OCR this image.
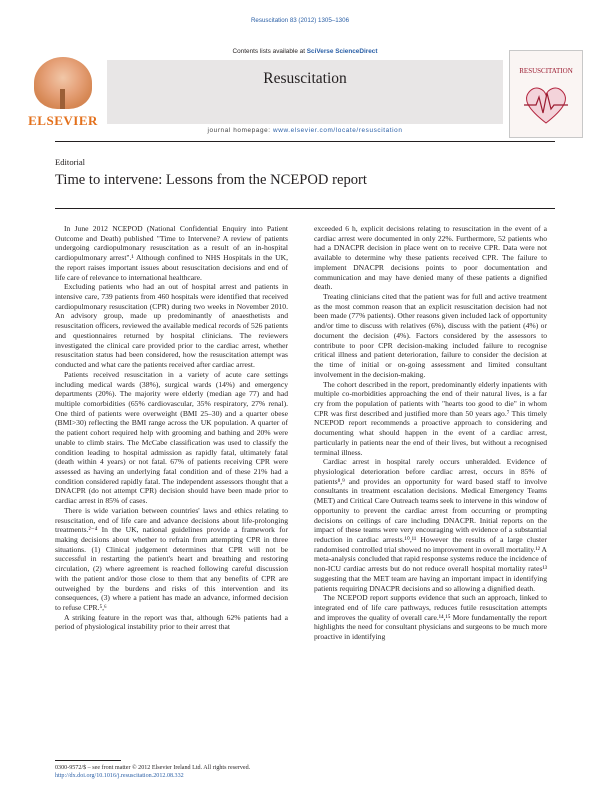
Resuscitation 83 (2012) 1305–1306
ELSEVIER
Contents lists available at SciVerse ScienceDirect
Resuscitation
journal homepage: www.elsevier.com/locate/resuscitation
RESUSCITATION
Editorial
Time to intervene: Lessons from the NCEPOD report

In June 2012 NCEPOD (National Confidential Enquiry into Patient Outcome and Death) published "Time to Intervene? A review of patients undergoing cardiopulmonary resuscitation as a result of an in-hospital cardiopulmonary arrest".¹ Although confined to NHS Hospitals in the UK, the report raises important issues about resuscitation decisions and end of life care of relevance to international healthcare.

Excluding patients who had an out of hospital arrest and patients in intensive care, 739 patients from 460 hospitals were identified that received cardiopulmonary resuscitation (CPR) during two weeks in November 2010. An advisory group, made up predominantly of anaesthetists and resuscitation officers, reviewed the available medical records of 526 patients and questionnaires returned by hospital clinicians. The reviewers investigated the clinical care provided prior to the cardiac arrest, whether resuscitation status had been considered, how the resuscitation attempt was conducted and what care the patients received after cardiac arrest.

Patients received resuscitation in a variety of acute care settings including medical wards (38%), surgical wards (14%) and emergency departments (20%). The majority were elderly (median age 77) and had multiple comorbidities (65% cardiovascular, 35% respiratory, 27% renal). One third of patients were overweight (BMI 25–30) and a quarter obese (BMI>30) reflecting the BMI range across the UK population. A quarter of the patient cohort required help with grooming and bathing and 20% were unable to climb stairs. The McCabe classification was used to classify the condition leading to hospital admission as rapidly fatal, ultimately fatal (death within 4 years) or not fatal. 67% of patients receiving CPR were assessed as having an underlying fatal condition and of these 21% had a condition considered rapidly fatal. The independent assessors thought that a DNACPR (do not attempt CPR) decision should have been made prior to cardiac arrest in 85% of cases.

There is wide variation between countries' laws and ethics relating to resuscitation, end of life care and advance decisions about life-prolonging treatments.²⁻⁴ In the UK, national guidelines provide a framework for making decisions about whether to refrain from attempting CPR in three situations. (1) Clinical judgement determines that CPR will not be successful in restarting the patient's heart and breathing and restoring circulation, (2) where agreement is reached following careful discussion with the patient and/or those close to them that any benefits of CPR are outweighed by the burdens and risks of this intervention and its consequences, (3) where a patient has made an advance, informed decision to refuse CPR.⁵,⁶

A striking feature in the report was that, although 62% patients had a period of physiological instability prior to their arrest that

exceeded 6 h, explicit decisions relating to resuscitation in the event of a cardiac arrest were documented in only 22%. Furthermore, 52 patients who had a DNACPR decision in place went on to receive CPR. Data were not available to determine why these patients received CPR. The failure to implement DNACPR decisions points to poor documentation and communication and may have denied many of these patients a dignified death.

Treating clinicians cited that the patient was for full and active treatment as the most common reason that an explicit resuscitation decision had not been made (77% patients). Other reasons given included lack of opportunity and/or time to discuss with relatives (6%), discuss with the patient (4%) or document the decision (4%). Factors considered by the assessors to contribute to poor CPR decision-making included failure to recognise critical illness and patient deterioration, failure to consider the decision at the time of initial or on-going assessment and limited consultant involvement in the decision-making.

The cohort described in the report, predominantly elderly inpatients with multiple co-morbidities approaching the end of their natural lives, is a far cry from the population of patients with "hearts too good to die" in whom CPR was first described and justified more than 50 years ago.⁷ This timely NCEPOD report recommends a proactive approach to considering and documenting what should happen in the event of a cardiac arrest, particularly in patients near the end of their lives, but without a recognised terminal illness.

Cardiac arrest in hospital rarely occurs unheralded. Evidence of physiological deterioration before cardiac arrest, occurs in 85% of patients⁸,⁹ and provides an opportunity for ward based staff to involve consultants in treatment escalation decisions. Medical Emergency Teams (MET) and Critical Care Outreach teams seek to intervene in this window of opportunity to prevent the cardiac arrest from occurring or prompting decisions on ceilings of care including DNACPR. Initial reports on the impact of these teams were very encouraging with evidence of a substantial reduction in cardiac arrests.¹⁰,¹¹ However the results of a large cluster randomised controlled trial showed no improvement in overall mortality.¹² A meta-analysis concluded that rapid response systems reduce the incidence of non-ICU cardiac arrests but do not reduce overall hospital mortality rates¹³ suggesting that the MET team are having an important impact in identifying patients requiring DNACPR decisions and so allowing a dignified death.

The NCEPOD report supports evidence that such an approach, linked to integrated end of life care pathways, reduces futile resuscitation attempts and improves the quality of overall care.¹⁴,¹⁵ More fundamentally the report highlights the need for consultant physicians and surgeons to be much more proactive in identifying

0300-9572/$ – see front matter © 2012 Elsevier Ireland Ltd. All rights reserved.
http://dx.doi.org/10.1016/j.resuscitation.2012.08.332
